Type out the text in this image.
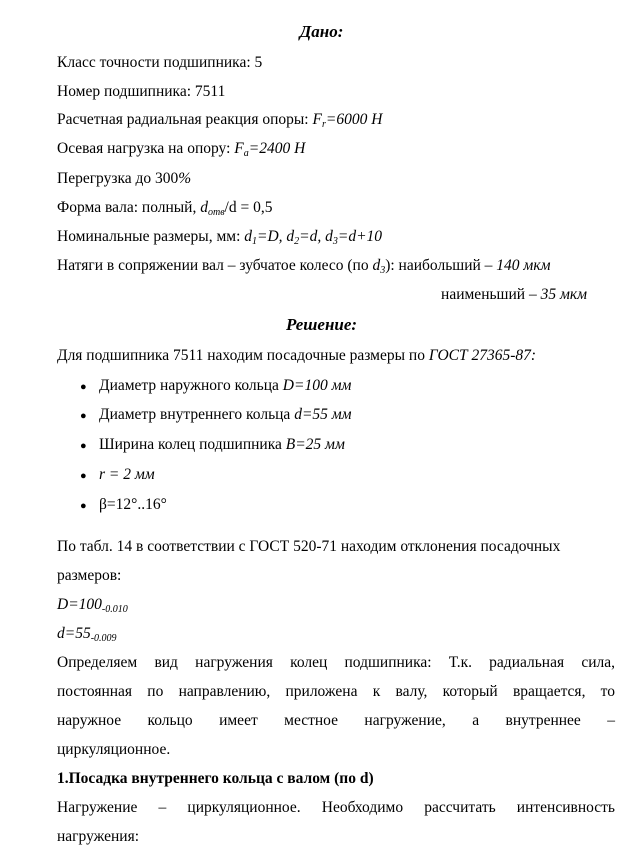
Дано:
Класс точности подшипника: 5
Номер подшипника: 7511
Расчетная радиальная реакция опоры: $F_r=6000$ Н
Осевая нагрузка на опору: $F_a=2400$ Н
Перегрузка до 300%
Форма вала: полный, $d_{отв}/d = 0,5$
Номинальные размеры, мм: $d_1=D$, $d_2=d$, $d_3=d+10$
Натяги в сопряжении вал – зубчатое колесо (по $d_3$): наибольший – 140 мкм
наименьший – 35 мкм
Решение:
Для подшипника 7511 находим посадочные размеры по ГОСТ 27365-87:
● Диаметр наружного кольца D=100 мм
● Диаметр внутреннего кольца d=55 мм
● Ширина колец подшипника B=25 мм
● r = 2 мм
● β=12°..16°
По табл. 14 в соответствии с ГОСТ 520-71 находим отклонения посадочных
размеров:
$D=100_{-0.010}$
$d=55_{-0.009}$
Определяем вид нагружения колец подшипника: Т.к. радиальная сила,
постоянная по направлению, приложена к валу, который вращается, то
наружное кольцо имеет местное нагружение, а внутреннее –
циркуляционное.
1.Посадка внутреннего кольца с валом (по d)
Нагружение – циркуляционное. Необходимо рассчитать интенсивность
нагружения:
